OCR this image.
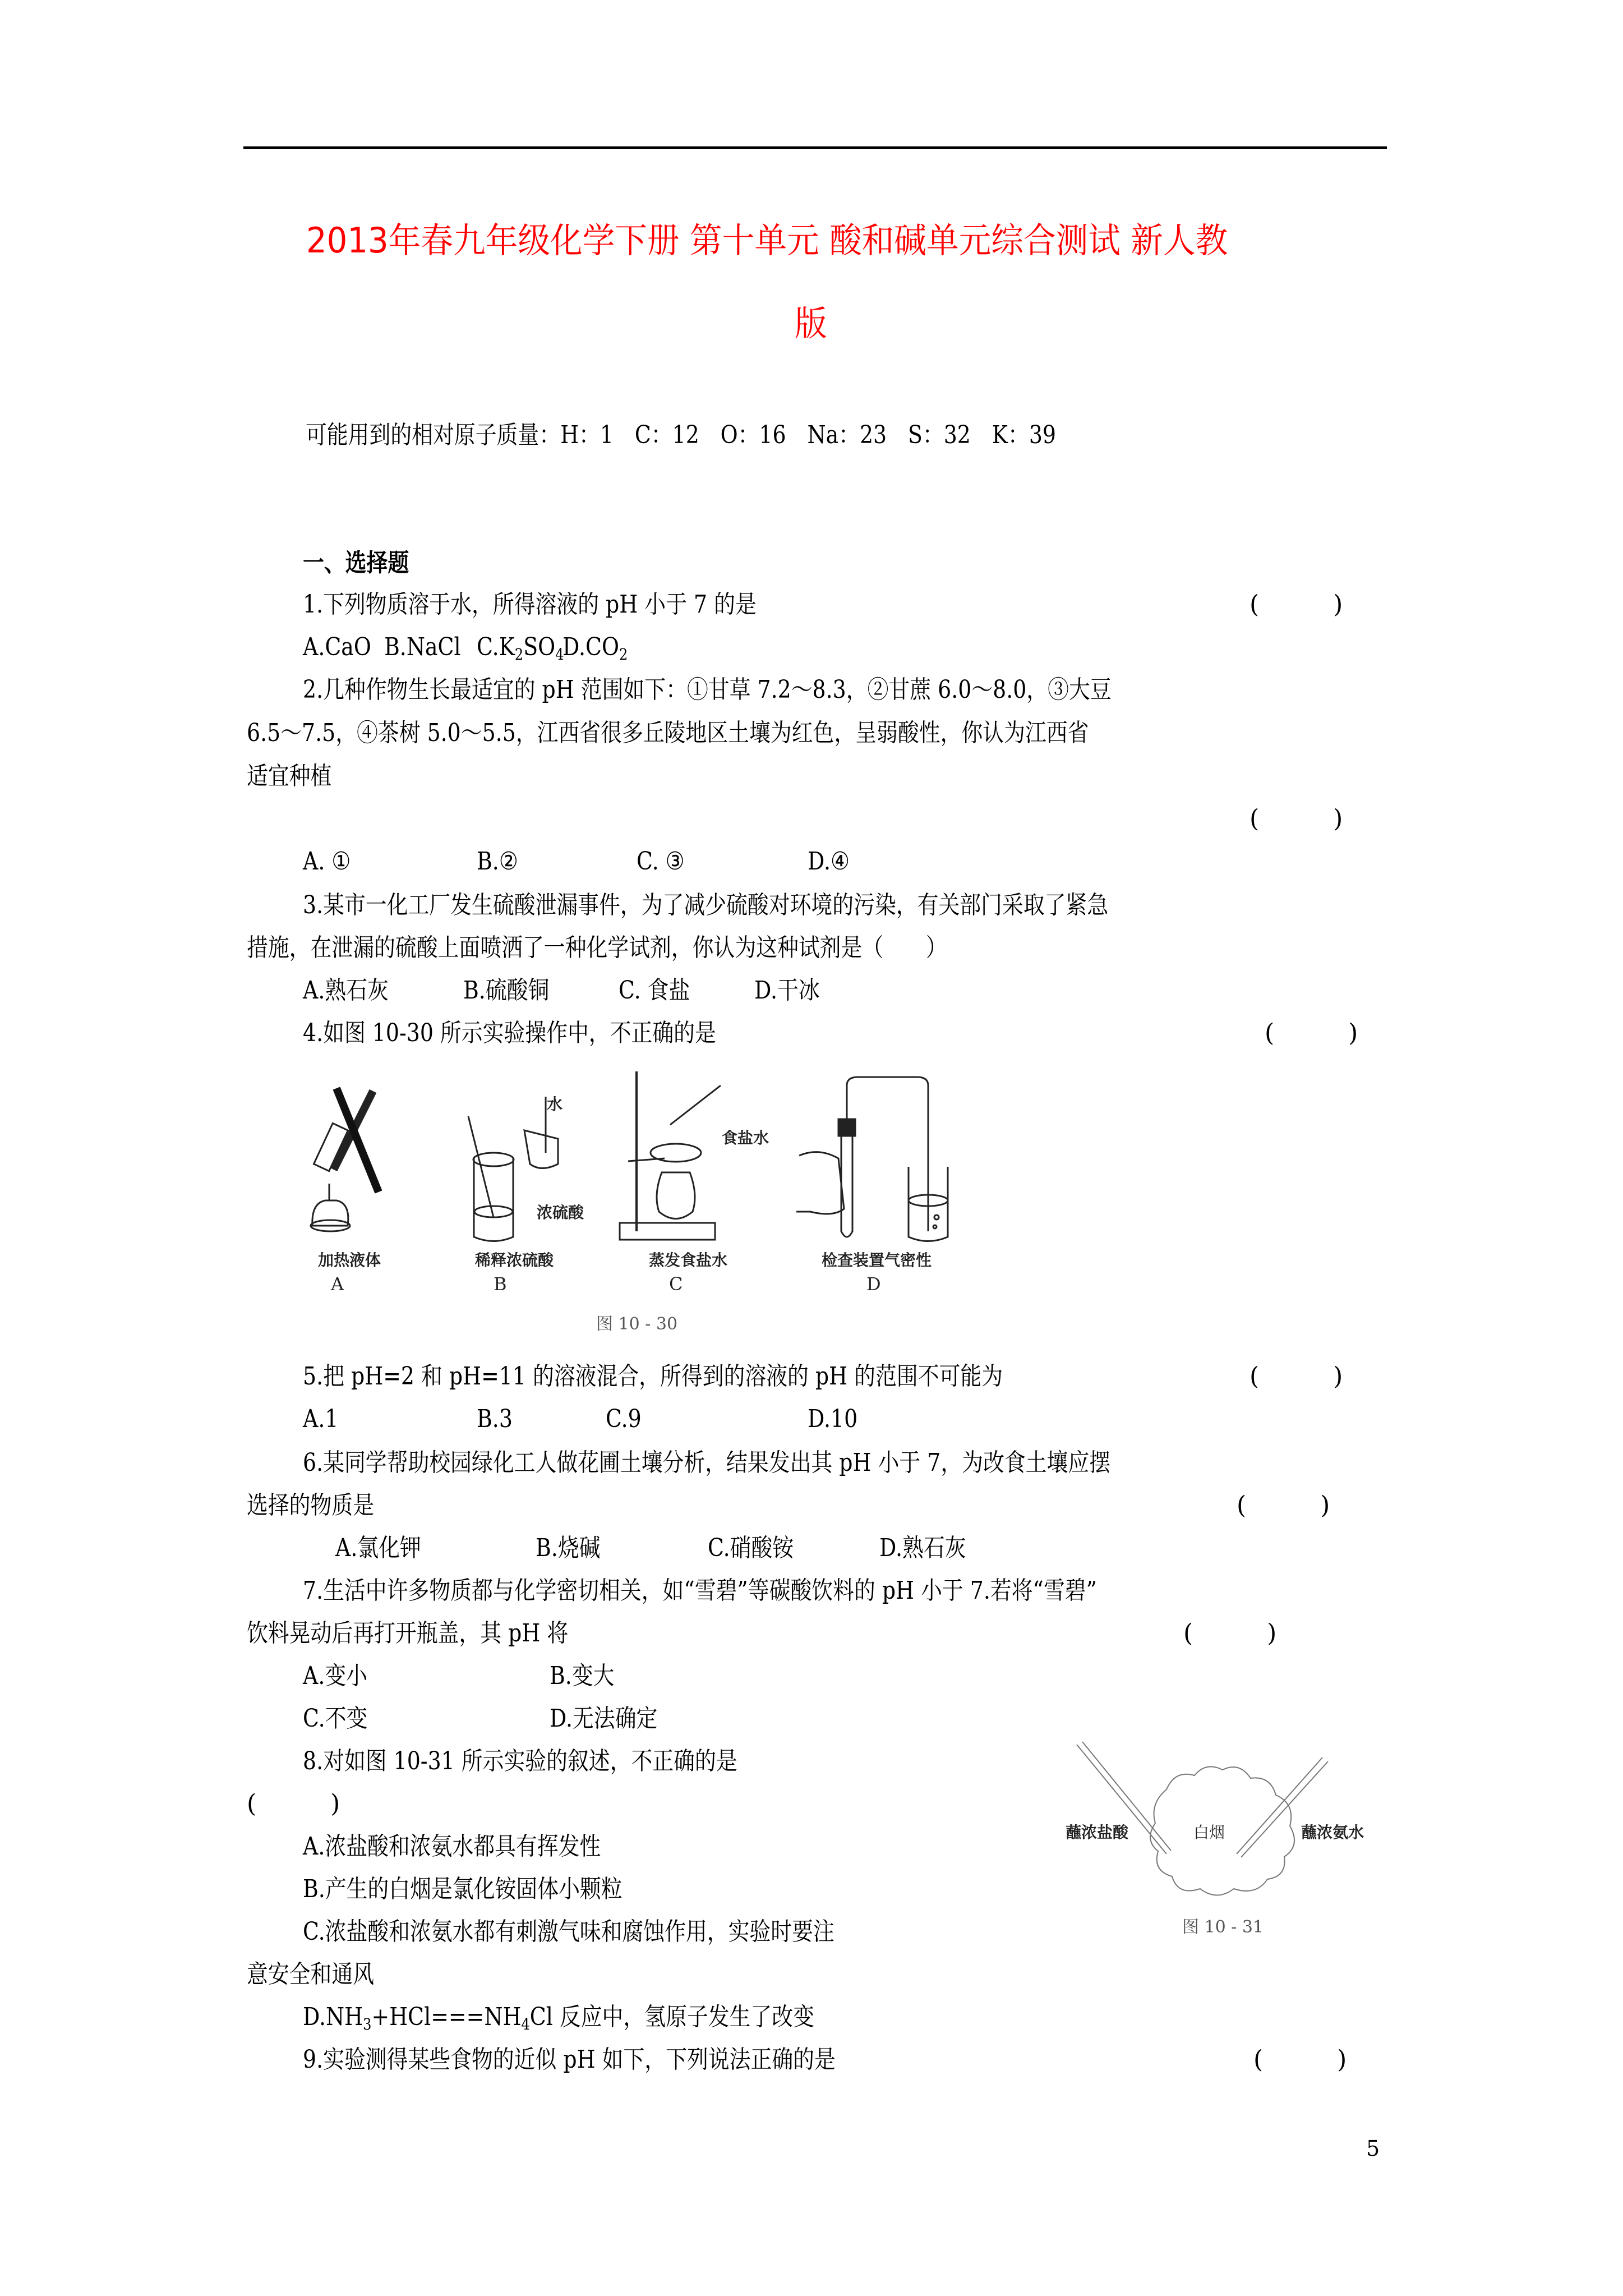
2013年春九年级化学下册 第十单元 酸和碱单元综合测试 新人教
版
可能用到的相对原子质量：H：1　C：12　O：16　Na：23　S：32　K：39
一、选择题
1.下列物质溶于水，所得溶液的 pH 小于 7 的是	(　　　)
A.CaO B.NaCl $C.K_2SO_4$
$D.CO_2$
2.几种作物生长最适宜的 pH 范围如下：①甘草 7.2～8.3，②甘蔗 6.0～8.0，③大豆
6.5～7.5，④茶树 5.0～5.5，江西省很多丘陵地区土壤为红色，呈弱酸性，你认为江西省
适宜种植
(　　　)
A. ①	B.②	C. ③	D.④
3.某市一化工厂发生硫酸泄漏事件，为了减少硫酸对环境的污染，有关部门采取了紧急
措施，在泄漏的硫酸上面喷洒了一种化学试剂，你认为这种试剂是（　　）
A.熟石灰	B.硫酸铜	C. 食盐	D.干冰
4.如图 10-30 所示实验操作中，不正确的是	(　　　)
水
浓硫酸
食盐水
加热液体
A
稀释浓硫酸
B
蒸发食盐水
C
检查装置气密性
D
图 10 - 30
5.把 pH=2 和 pH=11 的溶液混合，所得到的溶液的 pH 的范围不可能为	(　　　)
A.1	B.3	C.9	D.10
6.某同学帮助校园绿化工人做花圃土壤分析，结果发出其 pH 小于 7，为改食土壤应摆
选择的物质是	(　　　)
A.氯化钾	B.烧碱	C.硝酸铵	D.熟石灰
7.生活中许多物质都与化学密切相关，如“雪碧”等碳酸饮料的 pH 小于 7.若将“雪碧”
饮料晃动后再打开瓶盖，其 pH 将	(　　　)
A.变小	B.变大
C.不变	D.无法确定
8.对如图 10-31 所示实验的叙述，不正确的是
(　　　)
A.浓盐酸和浓氨水都具有挥发性
B.产生的白烟是氯化铵固体小颗粒
C.浓盐酸和浓氨水都有刺激气味和腐蚀作用，实验时要注
意安全和通风
$D.NH_3+HCl===NH_4Cl$ 反应中，氢原子发生了改变
蘸浓盐酸	白烟	蘸浓氨水
图 10 - 31
9.实验测得某些食物的近似 pH 如下，下列说法正确的是	(　　　)
5
